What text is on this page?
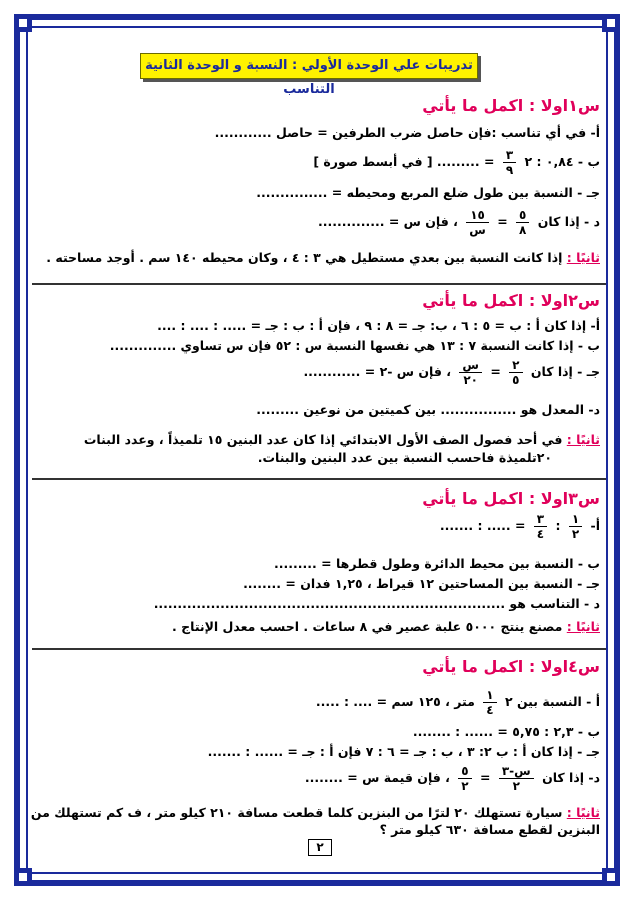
تدريبات علي الوحدة الأولي : النسبة و الوحدة الثانية التناسب
س١اولا : اكمل ما يأتي
أ- في أي تناسب :فإن حاصل ضرب الطرفين = حاصل ............
ب - ٠,٨٤ : ٢
$\frac{٣}{٩}$
= ......... [ في أبسط صورة ]
جـ - النسبة بين طول ضلع المربع ومحيطه = ...............
د - إذا كان
$\frac{٥}{٨}$
=
$\frac{١٥}{\text{س}}$
، فإن س = ..............
ثانيًا : إذا كانت النسبة بين بعدي مستطيل هي ٣ : ٤ ، وكان محيطه ١٤٠ سم . أوجد مساحته .
س٢اولا : اكمل ما يأتي
أ- إذا كان أ : ب = ٥ : ٦ ، ب: جـ = ٨ : ٩ ، فإن أ : ب : جـ = ..... : .... : ....
ب - إذا كانت النسبة ٧ : ١٣ هي نفسها النسبة س : ٥٢ فإن س تساوي ..............
جـ - إذا كان
$\frac{٢}{٥}$
=
$\frac{\text{س}}{٢٠}$
، فإن س -٢ = ............
د- المعدل هو ................ بين كميتين من نوعين .........
ثانيًا : في أحد فصول الصف الأول الابتدائي إذا كان عدد البنين ١٥ تلميذاً ، وعدد البنات
٢٠تلميذة فاحسب النسبة بين عدد البنين والبنات.
س٣اولا : اكمل ما يأتي
أ-
$\frac{١}{٢}$
:
$\frac{٣}{٤}$
= ..... : .......
ب - النسبة بين محيط الدائرة وطول قطرها = .........
جـ - النسبة بين المساحتين ١٢ قيراط ، ١,٢٥ فدان = ........
د - التناسب هو ..........................................................................
ثانيًا : مصنع ينتج ٥٠٠٠ علبة عصير في ٨ ساعات . احسب معدل الإنتاج .
س٤اولا : اكمل ما يأتي
أ - النسبة بين ٢
$\frac{١}{٤}$
متر ، ١٢٥ سم = .... : .....
ب - ٢,٣ : ٥,٧٥ = ...... : ........
جـ - إذا كان أ : ب ٢: ٣ ، ب : جـ = ٦ : ٧ فإن أ : جـ = ...... : .......
د- إذا كان
$\frac{\text{س-٣}}{٢}$
=
$\frac{٥}{٢}$
، فإن قيمة س = ........
ثانيًا : سيارة تستهلك ٢٠ لترًا من البنزين كلما قطعت مسافة ٢١٠ كيلو متر ، ف كم تستهلك من
البنزين لقطع مسافة ٦٣٠ كيلو متر ؟
٢
